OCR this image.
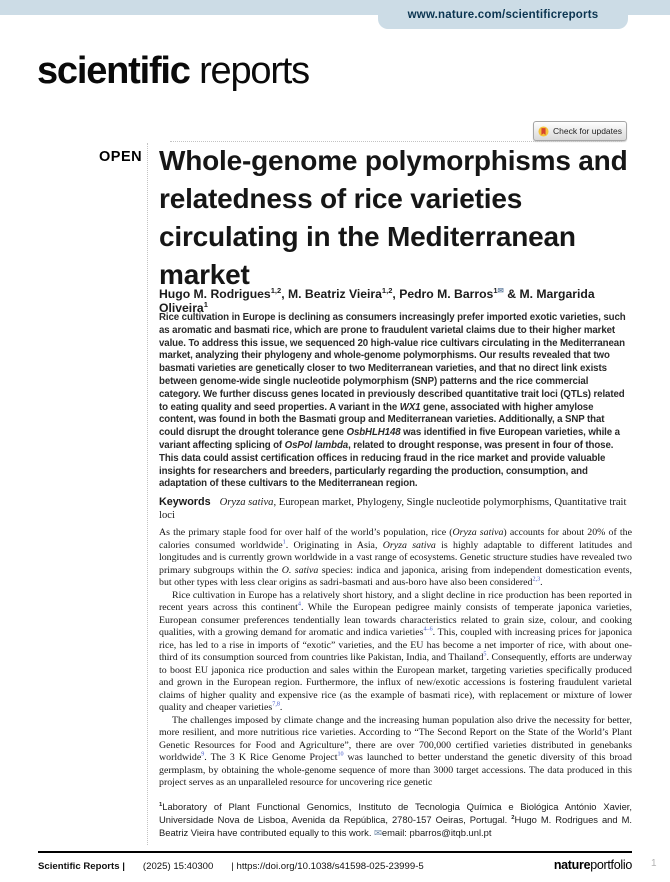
www.nature.com/scientificreports
scientific reports
Check for updates
OPEN Whole-genome polymorphisms and relatedness of rice varieties circulating in the Mediterranean market
Hugo M. Rodrigues$^{1,2}$, M. Beatriz Vieira$^{1,2}$, Pedro M. Barros$^{1✉}$ & M. Margarida Oliveira$^1$
Rice cultivation in Europe is declining as consumers increasingly prefer imported exotic varieties, such as aromatic and basmati rice, which are prone to fraudulent varietal claims due to their higher market value. To address this issue, we sequenced 20 high-value rice cultivars circulating in the Mediterranean market, analyzing their phylogeny and whole-genome polymorphisms. Our results revealed that two basmati varieties are genetically closer to two Mediterranean varieties, and that no direct link exists between genome-wide single nucleotide polymorphism (SNP) patterns and the rice commercial category. We further discuss genes located in previously described quantitative trait loci (QTLs) related to eating quality and seed properties. A variant in the WX1 gene, associated with higher amylose content, was found in both the Basmati group and Mediterranean varieties. Additionally, a SNP that could disrupt the drought tolerance gene OsbHLH148 was identified in five European varieties, while a variant affecting splicing of OsPol lambda, related to drought response, was present in four of those. This data could assist certification offices in reducing fraud in the rice market and provide valuable insights for researchers and breeders, particularly regarding the production, consumption, and adaptation of these cultivars to the Mediterranean region.
Keywords Oryza sativa, European market, Phylogeny, Single nucleotide polymorphisms, Quantitative trait loci

As the primary staple food for over half of the world’s population, rice (Oryza sativa) accounts for about 20% of the calories consumed worldwide$^1$. Originating in Asia, Oryza sativa is highly adaptable to different latitudes and longitudes and is currently grown worldwide in a vast range of ecosystems. Genetic structure studies have revealed two primary subgroups within the O. sativa species: indica and japonica, arising from independent domestication events, but other types with less clear origins as sadri-basmati and aus-boro have also been considered$^{2,3}$.

Rice cultivation in Europe has a relatively short history, and a slight decline in rice production has been reported in recent years across this continent$^4$. While the European pedigree mainly consists of temperate japonica varieties, European consumer preferences tendentially lean towards characteristics related to grain size, colour, and cooking qualities, with a growing demand for aromatic and indica varieties$^{4-6}$. This, coupled with increasing prices for japonica rice, has led to a rise in imports of “exotic” varieties, and the EU has become a net importer of rice, with about one-third of its consumption sourced from countries like Pakistan, India, and Thailand$^5$. Consequently, efforts are underway to boost EU japonica rice production and sales within the European market, targeting varieties specifically produced and grown in the European region. Furthermore, the influx of new/exotic accessions is fostering fraudulent varietal claims of higher quality and expensive rice (as the example of basmati rice), with replacement or mixture of lower quality and cheaper varieties$^{7,8}$.

The challenges imposed by climate change and the increasing human population also drive the necessity for better, more resilient, and more nutritious rice varieties. According to “The Second Report on the State of the World’s Plant Genetic Resources for Food and Agriculture”, there are over 700,000 certified varieties distributed in genebanks worldwide$^9$. The 3 K Rice Genome Project$^{10}$ was launched to better understand the genetic diversity of this broad germplasm, by obtaining the whole-genome sequence of more than 3000 target accessions. The data produced in this project serves as an unparalleled resource for uncovering rice genetic

$^1$Laboratory of Plant Functional Genomics, Instituto de Tecnologia Química e Biológica António Xavier, Universidade Nova de Lisboa, Avenida da República, 2780-157 Oeiras, Portugal. $^2$Hugo M. Rodrigues and M. Beatriz Vieira have contributed equally to this work. ✉email: pbarros@itqb.unl.pt
Scientific Reports | (2025) 15:40300 | https://doi.org/10.1038/s41598-025-23999-5	natureportfolio 1
